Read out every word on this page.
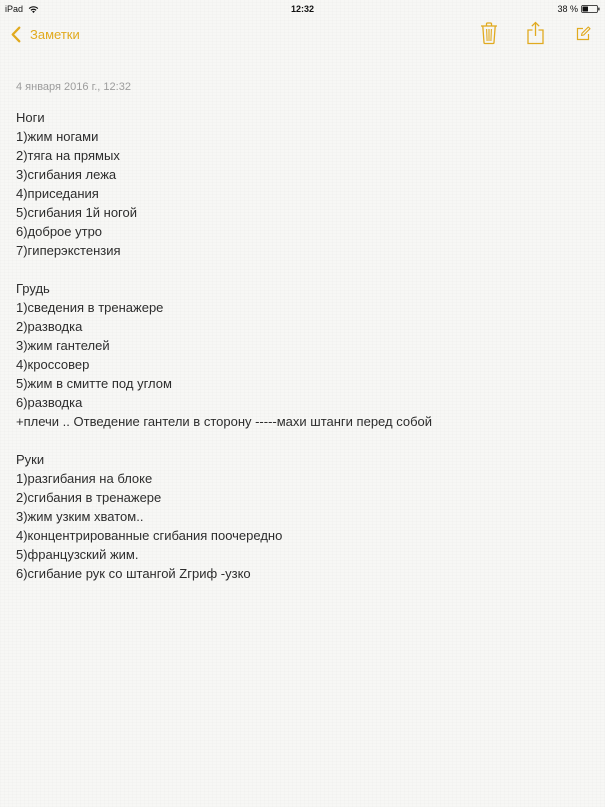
iPad	12:32	38 %
Заметки
4 января 2016 г., 12:32
Ноги
1)жим ногами
2)тяга на прямых
3)сгибания лежа
4)приседания
5)сгибания 1й ногой
6)доброе утро
7)гиперэкстензия
Грудь
1)сведения в тренажере
2)разводка
3)жим гантелей
4)кроссовер
5)жим в смитте под углом
6)разводка
+плечи .. Отведение гантели в сторону -----махи штанги перед собой
Руки
1)разгибания на блоке
2)сгибания в тренажере
3)жим узким хватом..
4)концентрированные сгибания поочередно
5)французский жим.
6)сгибание рук со штангой Zгриф -узко
